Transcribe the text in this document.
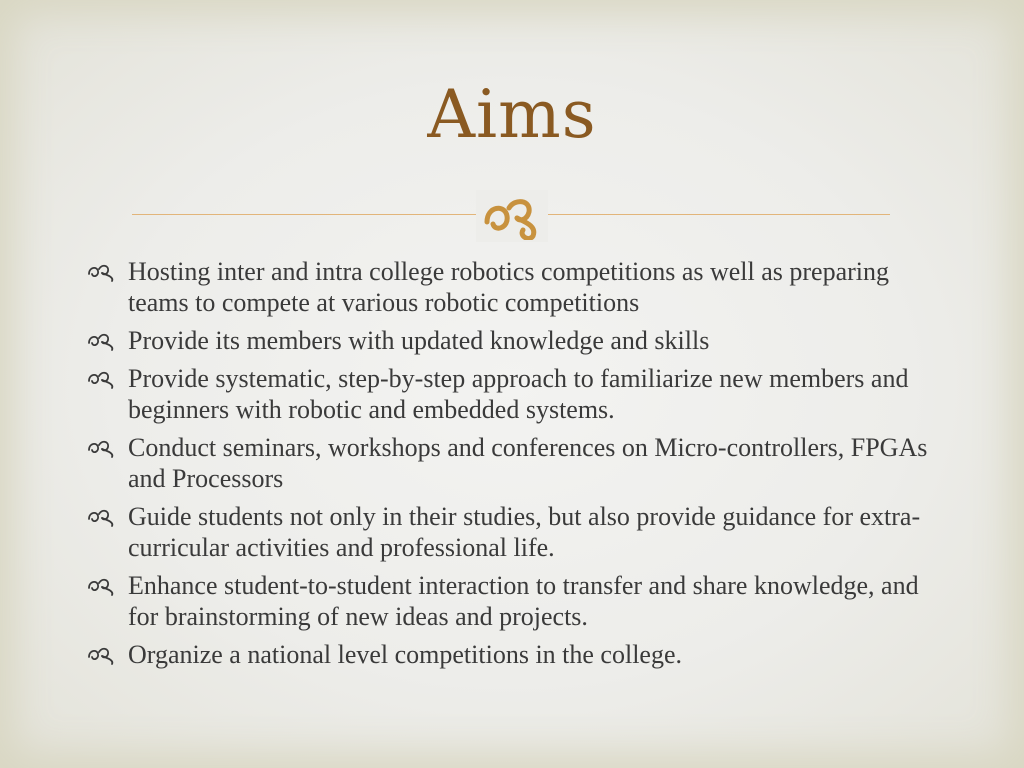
Aims
Hosting inter and intra college robotics competitions as well as preparing teams to compete at various robotic competitions
Provide its members with updated knowledge and skills
Provide systematic, step-by-step approach to familiarize new members and beginners with robotic and embedded systems.
Conduct seminars, workshops and conferences on Micro-controllers, FPGAs and Processors
Guide students not only in their studies, but also provide guidance for extra-curricular activities and professional life.
Enhance student-to-student interaction to transfer and share knowledge, and for brainstorming of new ideas and projects.
Organize a national level competitions in the college.
